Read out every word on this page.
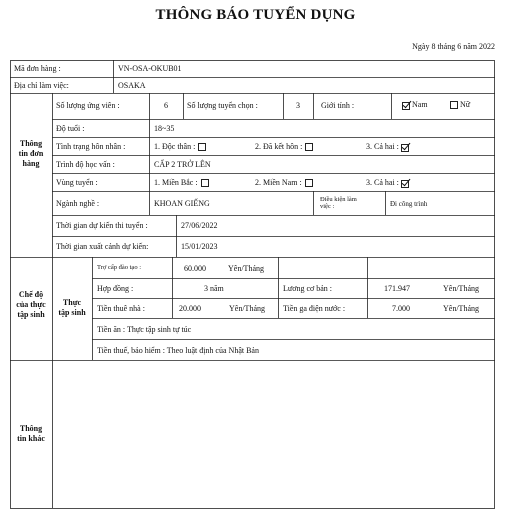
THÔNG BÁO TUYỂN DỤNG
Ngày 8 tháng 6 năm 2022
Mã đơn hàng :	VN-OSA-OKUB01
Địa chỉ làm việc:	OSAKA
Thông
tin đơn
hàng
Số lượng ứng viên :	6	Số lượng tuyển chọn :	3	Giới tính :	Nam	Nữ
Độ tuổi :	18~35
Tình trạng hôn nhân :	1. Độc thân :	2. Đã kết hôn :	3. Cả hai :
Trình độ học vấn :	CẤP 2 TRỞ LÊN
Vùng tuyển :	1. Miền Bắc :	2. Miền Nam :	3. Cả hai :
Ngành nghề :	KHOAN GIẾNG	Điều kiện làm
việc :	Đi công trình
Thời gian dự kiến thi tuyển :	27/06/2022
Thời gian xuất cảnh dự kiến:	15/01/2023
Chế độ
của thực
tập sinh
Thực
tập sinh
Trợ cấp đào tạo :	60.000	Yên/Tháng
Hợp đồng :	3 năm	Lương cơ bản :	171.947	Yên/Tháng
Tiền thuê nhà :	20.000	Yên/Tháng Tiền ga điện nước :	7.000	Yên/Tháng
Tiền ăn : Thực tập sinh tự túc
Tiền thuế, bảo hiểm : Theo luật định của Nhật Bản
Thông
tin khác
